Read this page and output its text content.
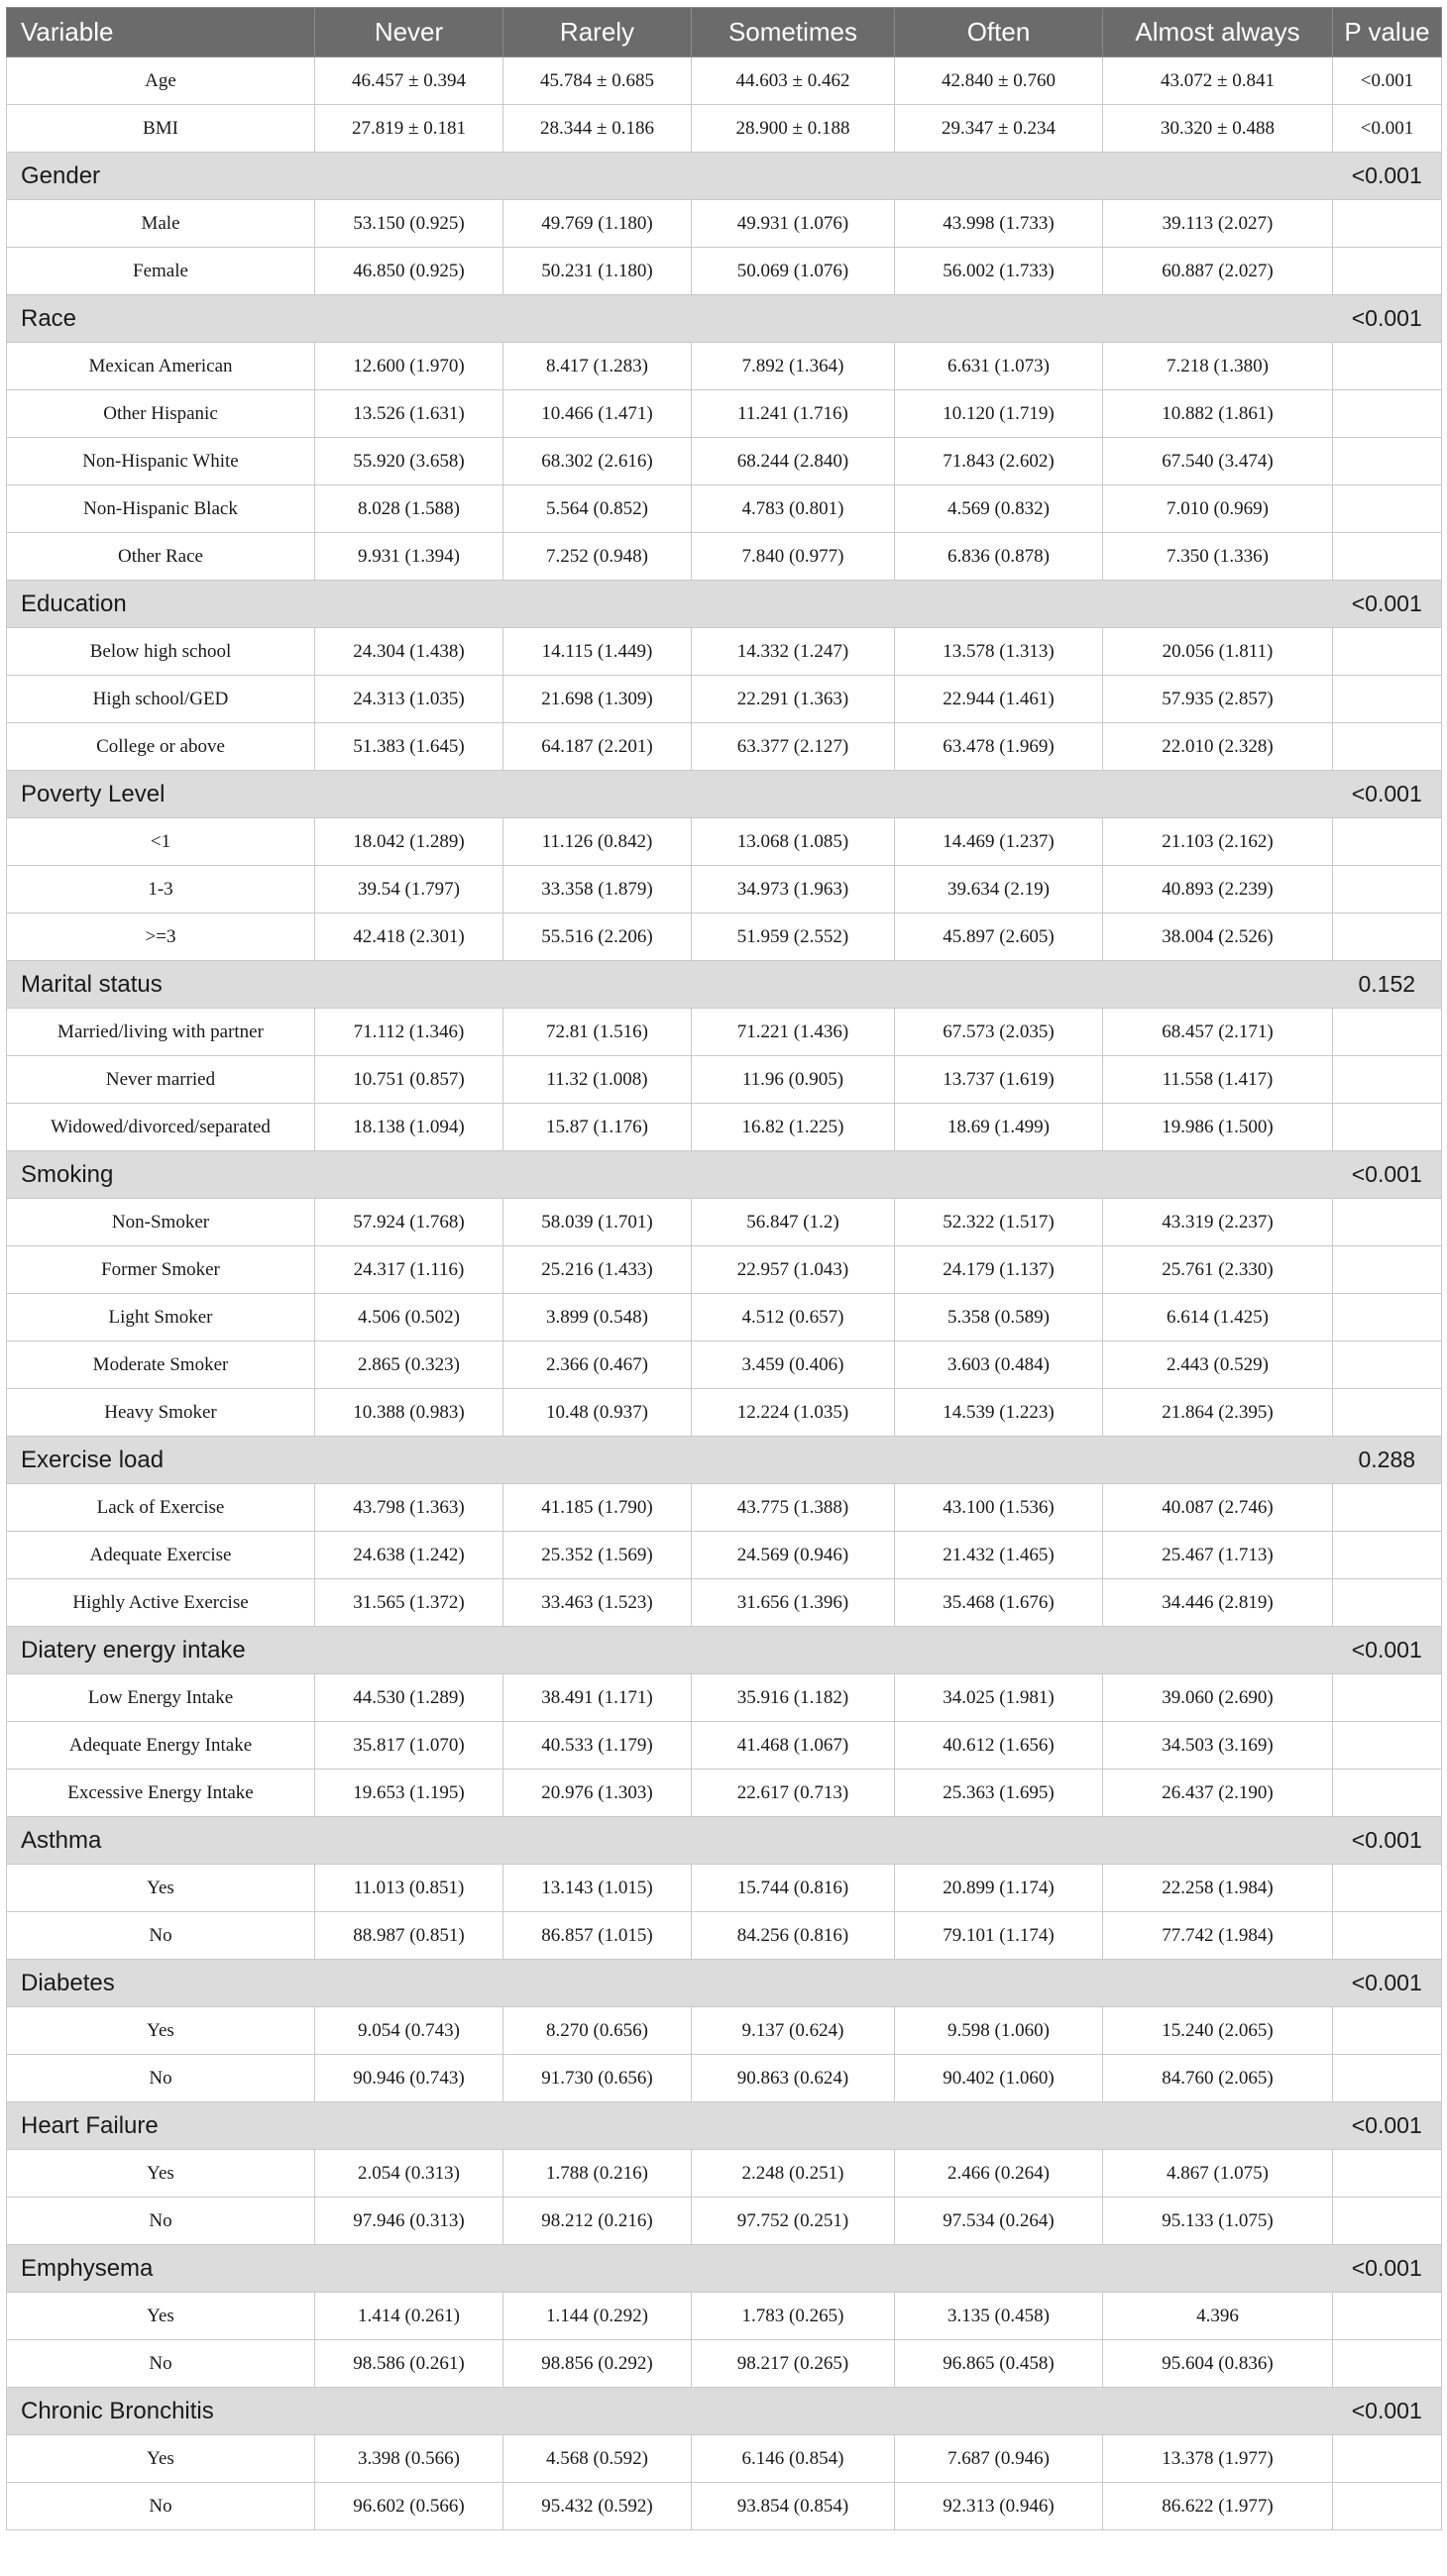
Variable	Never	Rarely	Sometimes	Often	Almost always	P value
Age	46.457 ± 0.394	45.784 ± 0.685	44.603 ± 0.462	42.840 ± 0.760	43.072 ± 0.841	<0.001
BMI	27.819 ± 0.181	28.344 ± 0.186	28.900 ± 0.188	29.347 ± 0.234	30.320 ± 0.488	<0.001
Gender						<0.001
Male	53.150 (0.925)	49.769 (1.180)	49.931 (1.076)	43.998 (1.733)	39.113 (2.027)	
Female	46.850 (0.925)	50.231 (1.180)	50.069 (1.076)	56.002 (1.733)	60.887 (2.027)	
Race						<0.001
Mexican American	12.600 (1.970)	8.417 (1.283)	7.892 (1.364)	6.631 (1.073)	7.218 (1.380)	
Other Hispanic	13.526 (1.631)	10.466 (1.471)	11.241 (1.716)	10.120 (1.719)	10.882 (1.861)	
Non-Hispanic White	55.920 (3.658)	68.302 (2.616)	68.244 (2.840)	71.843 (2.602)	67.540 (3.474)	
Non-Hispanic Black	8.028 (1.588)	5.564 (0.852)	4.783 (0.801)	4.569 (0.832)	7.010 (0.969)	
Other Race	9.931 (1.394)	7.252 (0.948)	7.840 (0.977)	6.836 (0.878)	7.350 (1.336)	
Education						<0.001
Below high school	24.304 (1.438)	14.115 (1.449)	14.332 (1.247)	13.578 (1.313)	20.056 (1.811)	
High school/GED	24.313 (1.035)	21.698 (1.309)	22.291 (1.363)	22.944 (1.461)	57.935 (2.857)	
College or above	51.383 (1.645)	64.187 (2.201)	63.377 (2.127)	63.478 (1.969)	22.010 (2.328)	
Poverty Level						<0.001
<1	18.042 (1.289)	11.126 (0.842)	13.068 (1.085)	14.469 (1.237)	21.103 (2.162)	
1-3	39.54 (1.797)	33.358 (1.879)	34.973 (1.963)	39.634 (2.19)	40.893 (2.239)	
>=3	42.418 (2.301)	55.516 (2.206)	51.959 (2.552)	45.897 (2.605)	38.004 (2.526)	
Marital status						0.152
Married/living with partner	71.112 (1.346)	72.81 (1.516)	71.221 (1.436)	67.573 (2.035)	68.457 (2.171)	
Never married	10.751 (0.857)	11.32 (1.008)	11.96 (0.905)	13.737 (1.619)	11.558 (1.417)	
Widowed/divorced/separated	18.138 (1.094)	15.87 (1.176)	16.82 (1.225)	18.69 (1.499)	19.986 (1.500)	
Smoking						<0.001
Non-Smoker	57.924 (1.768)	58.039 (1.701)	56.847 (1.2)	52.322 (1.517)	43.319 (2.237)	
Former Smoker	24.317 (1.116)	25.216 (1.433)	22.957 (1.043)	24.179 (1.137)	25.761 (2.330)	
Light Smoker	4.506 (0.502)	3.899 (0.548)	4.512 (0.657)	5.358 (0.589)	6.614 (1.425)	
Moderate Smoker	2.865 (0.323)	2.366 (0.467)	3.459 (0.406)	3.603 (0.484)	2.443 (0.529)	
Heavy Smoker	10.388 (0.983)	10.48 (0.937)	12.224 (1.035)	14.539 (1.223)	21.864 (2.395)	
Exercise load						0.288
Lack of Exercise	43.798 (1.363)	41.185 (1.790)	43.775 (1.388)	43.100 (1.536)	40.087 (2.746)	
Adequate Exercise	24.638 (1.242)	25.352 (1.569)	24.569 (0.946)	21.432 (1.465)	25.467 (1.713)	
Highly Active Exercise	31.565 (1.372)	33.463 (1.523)	31.656 (1.396)	35.468 (1.676)	34.446 (2.819)	
Diatery energy intake						<0.001
Low Energy Intake	44.530 (1.289)	38.491 (1.171)	35.916 (1.182)	34.025 (1.981)	39.060 (2.690)	
Adequate Energy Intake	35.817 (1.070)	40.533 (1.179)	41.468 (1.067)	40.612 (1.656)	34.503 (3.169)	
Excessive Energy Intake	19.653 (1.195)	20.976 (1.303)	22.617 (0.713)	25.363 (1.695)	26.437 (2.190)	
Asthma						<0.001
Yes	11.013 (0.851)	13.143 (1.015)	15.744 (0.816)	20.899 (1.174)	22.258 (1.984)	
No	88.987 (0.851)	86.857 (1.015)	84.256 (0.816)	79.101 (1.174)	77.742 (1.984)	
Diabetes						<0.001
Yes	9.054 (0.743)	8.270 (0.656)	9.137 (0.624)	9.598 (1.060)	15.240 (2.065)	
No	90.946 (0.743)	91.730 (0.656)	90.863 (0.624)	90.402 (1.060)	84.760 (2.065)	
Heart Failure						<0.001
Yes	2.054 (0.313)	1.788 (0.216)	2.248 (0.251)	2.466 (0.264)	4.867 (1.075)	
No	97.946 (0.313)	98.212 (0.216)	97.752 (0.251)	97.534 (0.264)	95.133 (1.075)	
Emphysema						<0.001
Yes	1.414 (0.261)	1.144 (0.292)	1.783 (0.265)	3.135 (0.458)	4.396	
No	98.586 (0.261)	98.856 (0.292)	98.217 (0.265)	96.865 (0.458)	95.604 (0.836)	
Chronic Bronchitis						<0.001
Yes	3.398 (0.566)	4.568 (0.592)	6.146 (0.854)	7.687 (0.946)	13.378 (1.977)	
No	96.602 (0.566)	95.432 (0.592)	93.854 (0.854)	92.313 (0.946)	86.622 (1.977)	
